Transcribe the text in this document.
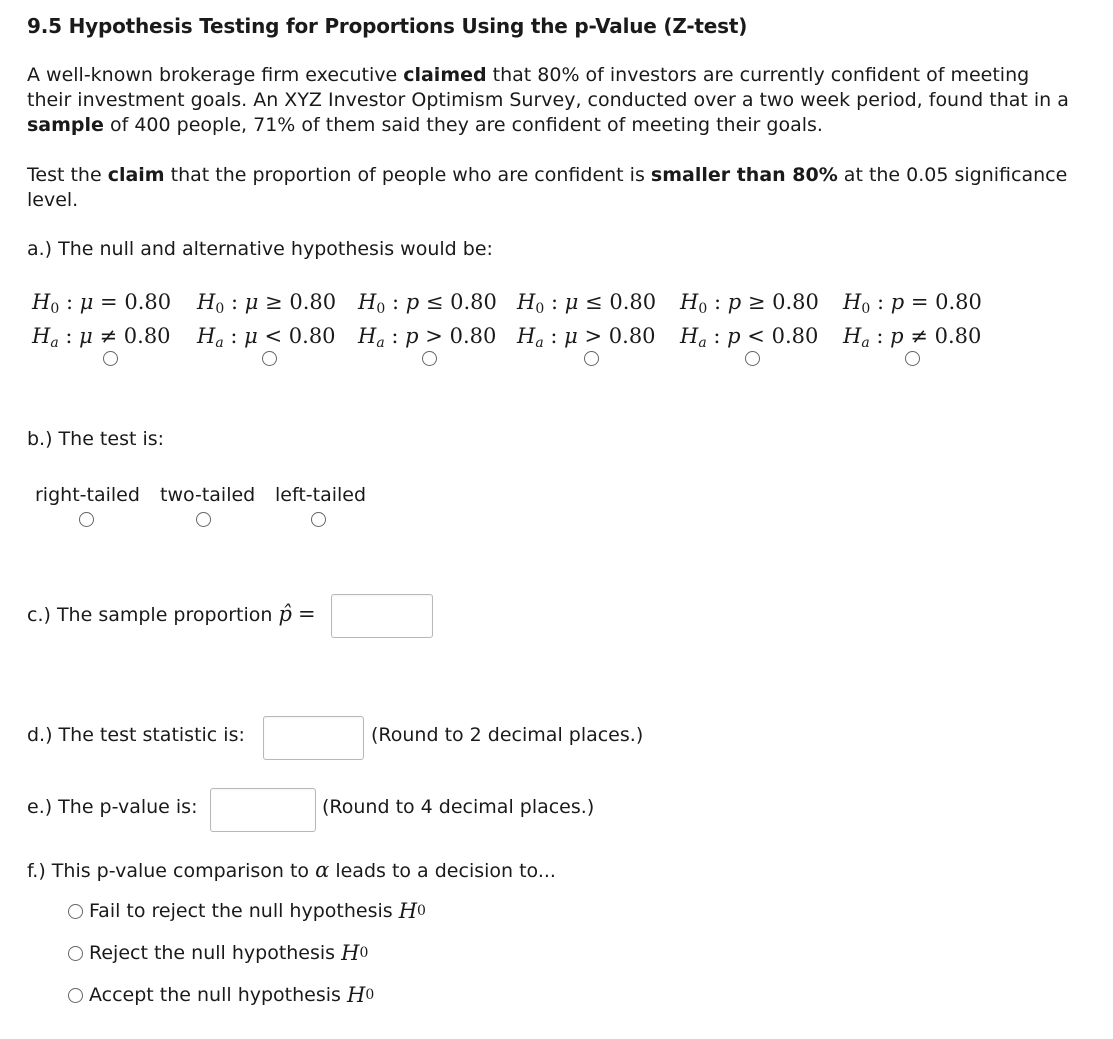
9.5 Hypothesis Testing for Proportions Using the p-Value (Z-test)
A well-known brokerage firm executive claimed that 80% of investors are currently confident of meeting their investment goals. An XYZ Investor Optimism Survey, conducted over a two week period, found that in a sample of 400 people, 71% of them said they are confident of meeting their goals.
Test the claim that the proportion of people who are confident is smaller than 80% at the 0.05 significance level.
a.) The null and alternative hypothesis would be:
H0 : μ = 0.80
$H_a$ : μ ≠ 0.80
H0 : μ ≥ 0.80
$H_a$ : μ < 0.80
H0 : p ≤ 0.80
$H_a$ : p > 0.80
H0 : μ ≤ 0.80
$H_a$ : μ > 0.80
H0 : p ≥ 0.80
$H_a$ : p < 0.80
H0 : p = 0.80
$H_a$ : p ≠ 0.80
b.) The test is:
right-tailed two-tailed left-tailed
c.) The sample proportion p̂ =
d.) The test statistic is:	(Round to 2 decimal places.)
e.) The p-value is:	(Round to 4 decimal places.)
f.) This p-value comparison to α leads to a decision to...
Fail to reject the null hypothesis
H 0
Reject the null hypothesis
H 0
Accept the null hypothesis
H 0
